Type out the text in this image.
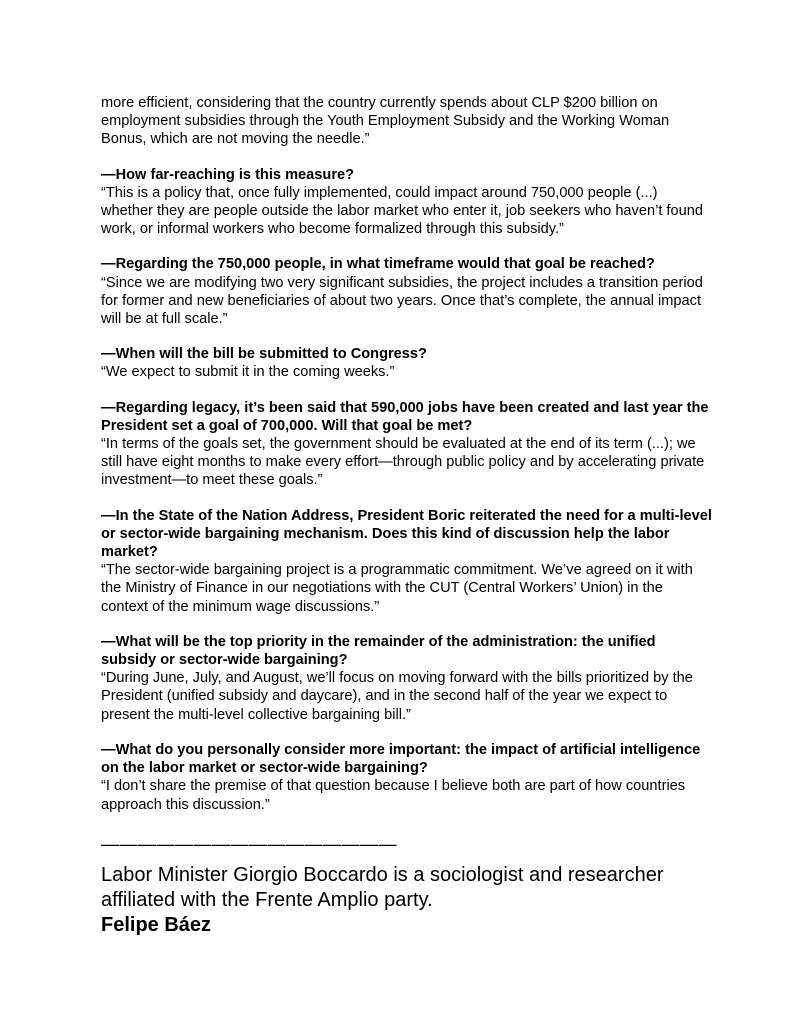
more efficient, considering that the country currently spends about CLP $200 billion on employment subsidies through the Youth Employment Subsidy and the Working Woman Bonus, which are not moving the needle.”

—How far-reaching is this measure?

“This is a policy that, once fully implemented, could impact around 750,000 people (...) whether they are people outside the labor market who enter it, job seekers who haven’t found work, or informal workers who become formalized through this subsidy.”

—Regarding the 750,000 people, in what timeframe would that goal be reached?

“Since we are modifying two very significant subsidies, the project includes a transition period for former and new beneficiaries of about two years. Once that’s complete, the annual impact will be at full scale.”

—When will the bill be submitted to Congress?

“We expect to submit it in the coming weeks.”

—Regarding legacy, it’s been said that 590,000 jobs have been created and last year the President set a goal of 700,000. Will that goal be met?

“In terms of the goals set, the government should be evaluated at the end of its term (...); we still have eight months to make every effort—through public policy and by accelerating private investment—to meet these goals.”

—In the State of the Nation Address, President Boric reiterated the need for a multi-level or sector-wide bargaining mechanism. Does this kind of discussion help the labor market?

“The sector-wide bargaining project is a programmatic commitment. We’ve agreed on it with the Ministry of Finance in our negotiations with the CUT (Central Workers’ Union) in the context of the minimum wage discussions.”

—What will be the top priority in the remainder of the administration: the unified subsidy or sector-wide bargaining?

“During June, July, and August, we’ll focus on moving forward with the bills prioritized by the President (unified subsidy and daycare), and in the second half of the year we expect to present the multi-level collective bargaining bill.”

—What do you personally consider more important: the impact of artificial intelligence on the labor market or sector-wide bargaining?

“I don’t share the premise of that question because I believe both are part of how countries approach this discussion.”

————————————————
Labor Minister Giorgio Boccardo is a sociologist and researcher affiliated with the Frente Amplio party.
Felipe Báez
